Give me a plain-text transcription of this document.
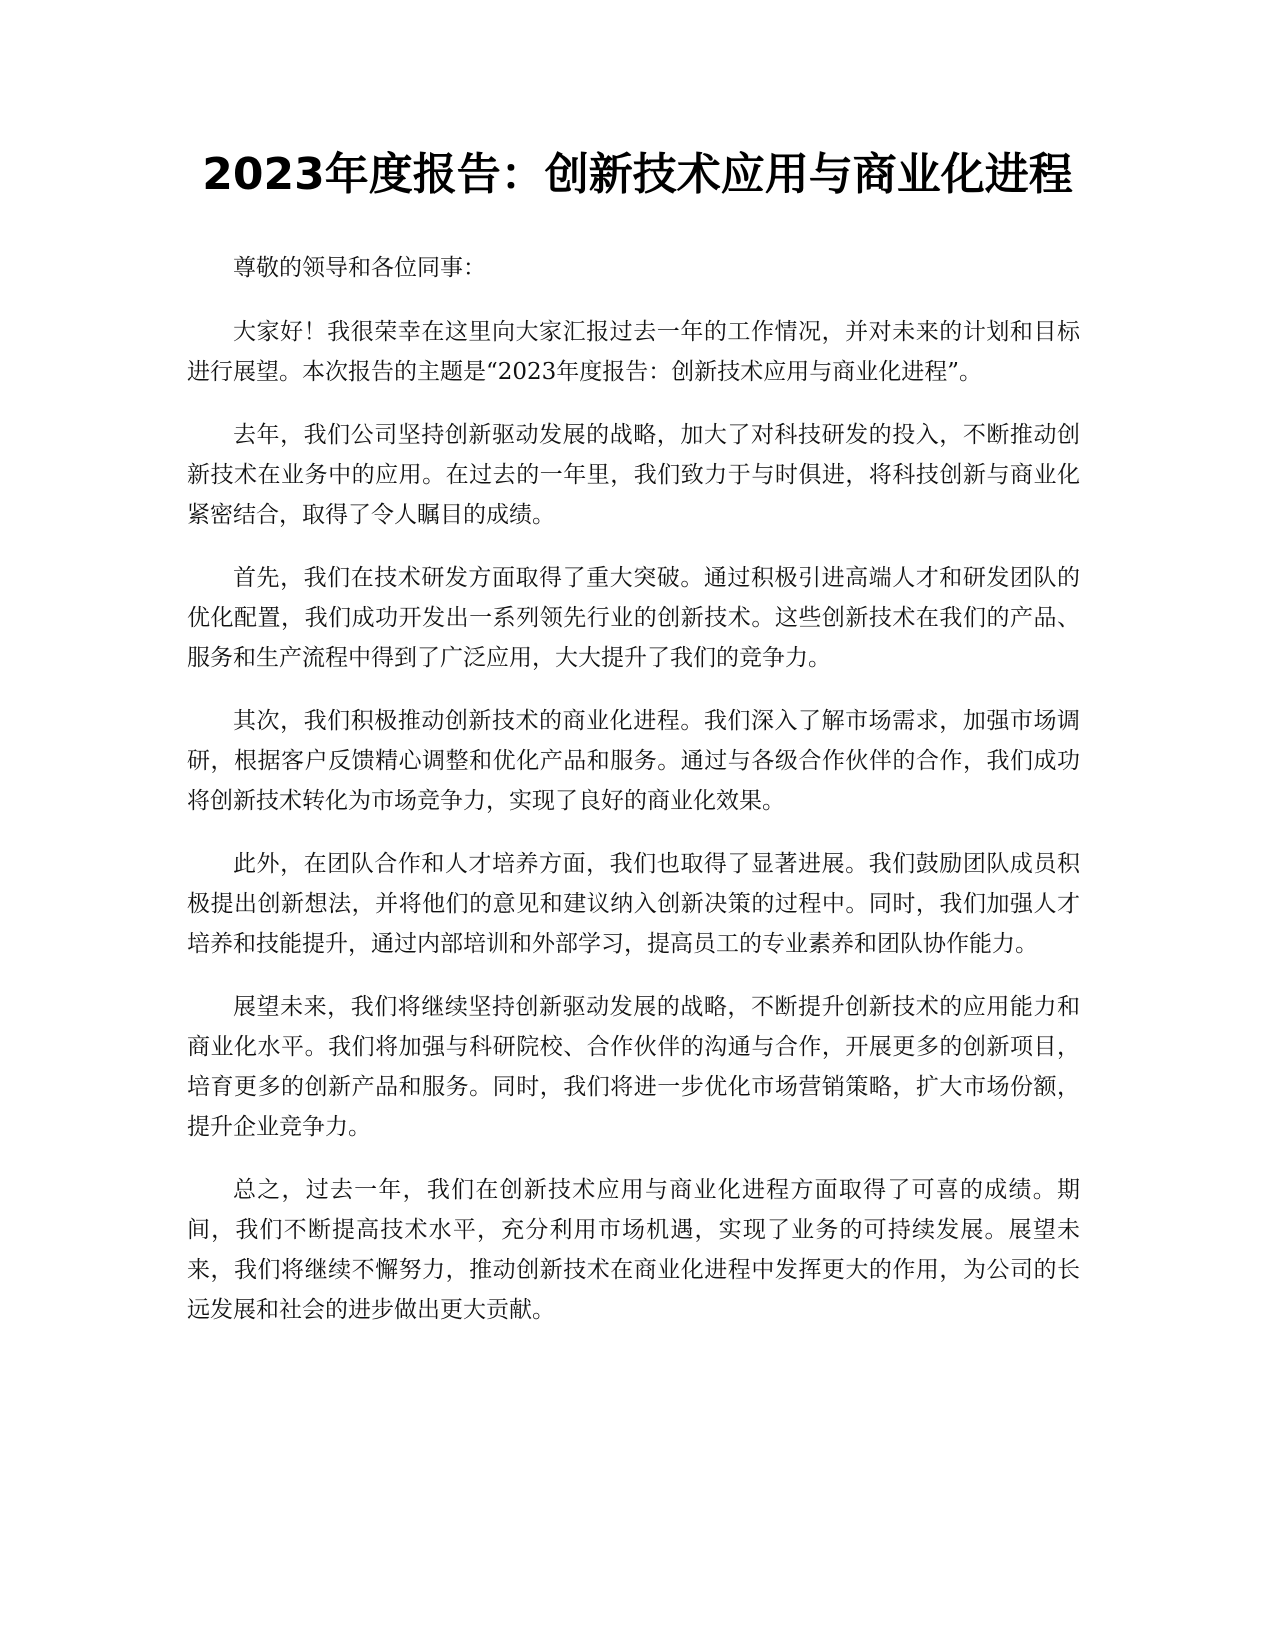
2023年度报告：创新技术应用与商业化进程

尊敬的领导和各位同事：

大家好！我很荣幸在这里向大家汇报过去一年的工作情况，并对未来的计划和目标进行展望。本次报告的主题是“2023年度报告：创新技术应用与商业化进程”。

去年，我们公司坚持创新驱动发展的战略，加大了对科技研发的投入，不断推动创新技术在业务中的应用。在过去的一年里，我们致力于与时俱进，将科技创新与商业化紧密结合，取得了令人瞩目的成绩。

首先，我们在技术研发方面取得了重大突破。通过积极引进高端人才和研发团队的优化配置，我们成功开发出一系列领先行业的创新技术。这些创新技术在我们的产品、服务和生产流程中得到了广泛应用，大大提升了我们的竞争力。

其次，我们积极推动创新技术的商业化进程。我们深入了解市场需求，加强市场调研，根据客户反馈精心调整和优化产品和服务。通过与各级合作伙伴的合作，我们成功将创新技术转化为市场竞争力，实现了良好的商业化效果。

此外，在团队合作和人才培养方面，我们也取得了显著进展。我们鼓励团队成员积极提出创新想法，并将他们的意见和建议纳入创新决策的过程中。同时，我们加强人才培养和技能提升，通过内部培训和外部学习，提高员工的专业素养和团队协作能力。

展望未来，我们将继续坚持创新驱动发展的战略，不断提升创新技术的应用能力和商业化水平。我们将加强与科研院校、合作伙伴的沟通与合作，开展更多的创新项目，培育更多的创新产品和服务。同时，我们将进一步优化市场营销策略，扩大市场份额，提升企业竞争力。

总之，过去一年，我们在创新技术应用与商业化进程方面取得了可喜的成绩。期间，我们不断提高技术水平，充分利用市场机遇，实现了业务的可持续发展。展望未来，我们将继续不懈努力，推动创新技术在商业化进程中发挥更大的作用，为公司的长远发展和社会的进步做出更大贡献。
